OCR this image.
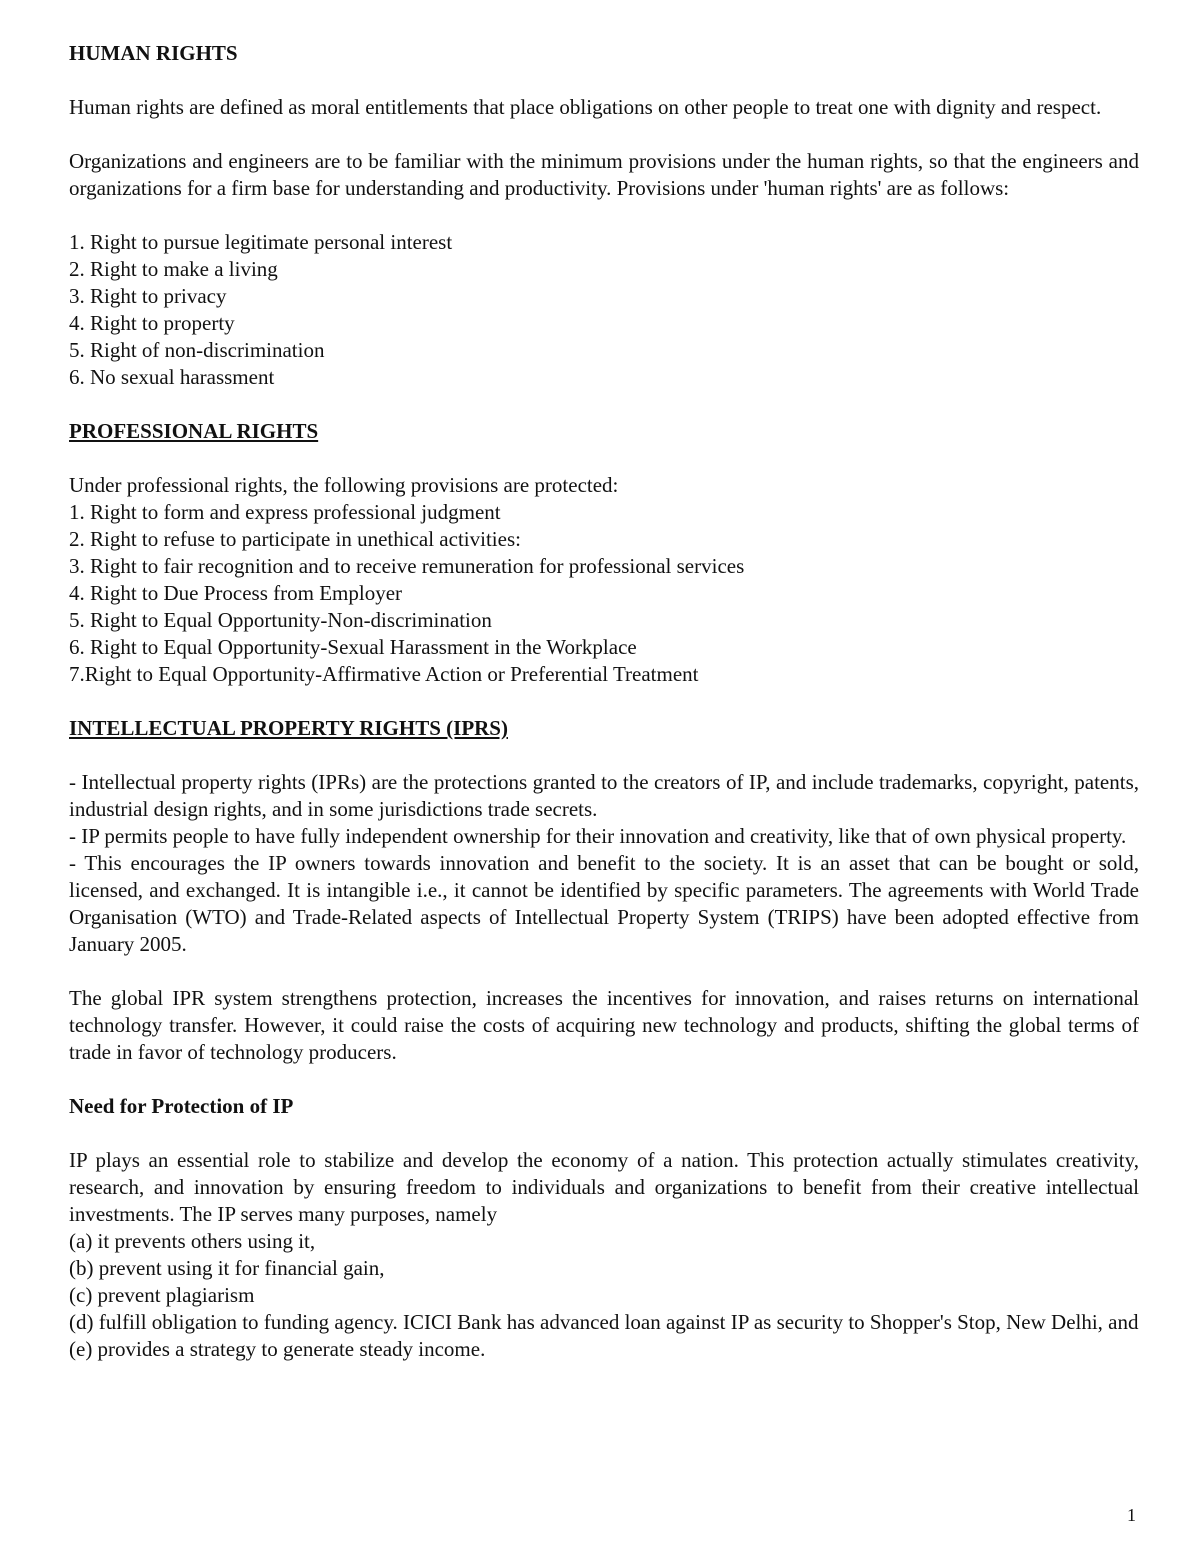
HUMAN RIGHTS

Human rights are defined as moral entitlements that place obligations on other people to treat one with dignity and respect.

Organizations and engineers are to be familiar with the minimum provisions under the human rights, so that the engineers and organizations for a firm base for understanding and productivity. Provisions under 'human rights' are as follows:

1. Right to pursue legitimate personal interest

2. Right to make a living

3. Right to privacy

4. Right to property

5. Right of non-discrimination

6. No sexual harassment

PROFESSIONAL RIGHTS

Under professional rights, the following provisions are protected:

1. Right to form and express professional judgment

2. Right to refuse to participate in unethical activities:

3. Right to fair recognition and to receive remuneration for professional services

4. Right to Due Process from Employer

5. Right to Equal Opportunity-Non-discrimination

6. Right to Equal Opportunity-Sexual Harassment in the Workplace

7.Right to Equal Opportunity-Affirmative Action or Preferential Treatment

INTELLECTUAL PROPERTY RIGHTS (IPRS)

- Intellectual property rights (IPRs) are the protections granted to the creators of IP, and include trademarks, copyright, patents, industrial design rights, and in some jurisdictions trade secrets.

- IP permits people to have fully independent ownership for their innovation and creativity, like that of own physical property.

- This encourages the IP owners towards innovation and benefit to the society. It is an asset that can be bought or sold, licensed, and exchanged. It is intangible i.e., it cannot be identified by specific parameters. The agreements with World Trade Organisation (WTO) and Trade-Related aspects of Intellectual Property System (TRIPS) have been adopted effective from January 2005.

The global IPR system strengthens protection, increases the incentives for innovation, and raises returns on international technology transfer. However, it could raise the costs of acquiring new technology and products, shifting the global terms of trade in favor of technology producers.

Need for Protection of IP

IP plays an essential role to stabilize and develop the economy of a nation. This protection actually stimulates creativity, research, and innovation by ensuring freedom to individuals and organizations to benefit from their creative intellectual investments. The IP serves many purposes, namely

(a) it prevents others using it,

(b) prevent using it for financial gain,

(c) prevent plagiarism

(d) fulfill obligation to funding agency. ICICI Bank has advanced loan against IP as security to Shopper's Stop, New Delhi, and

(e) provides a strategy to generate steady income.

1
